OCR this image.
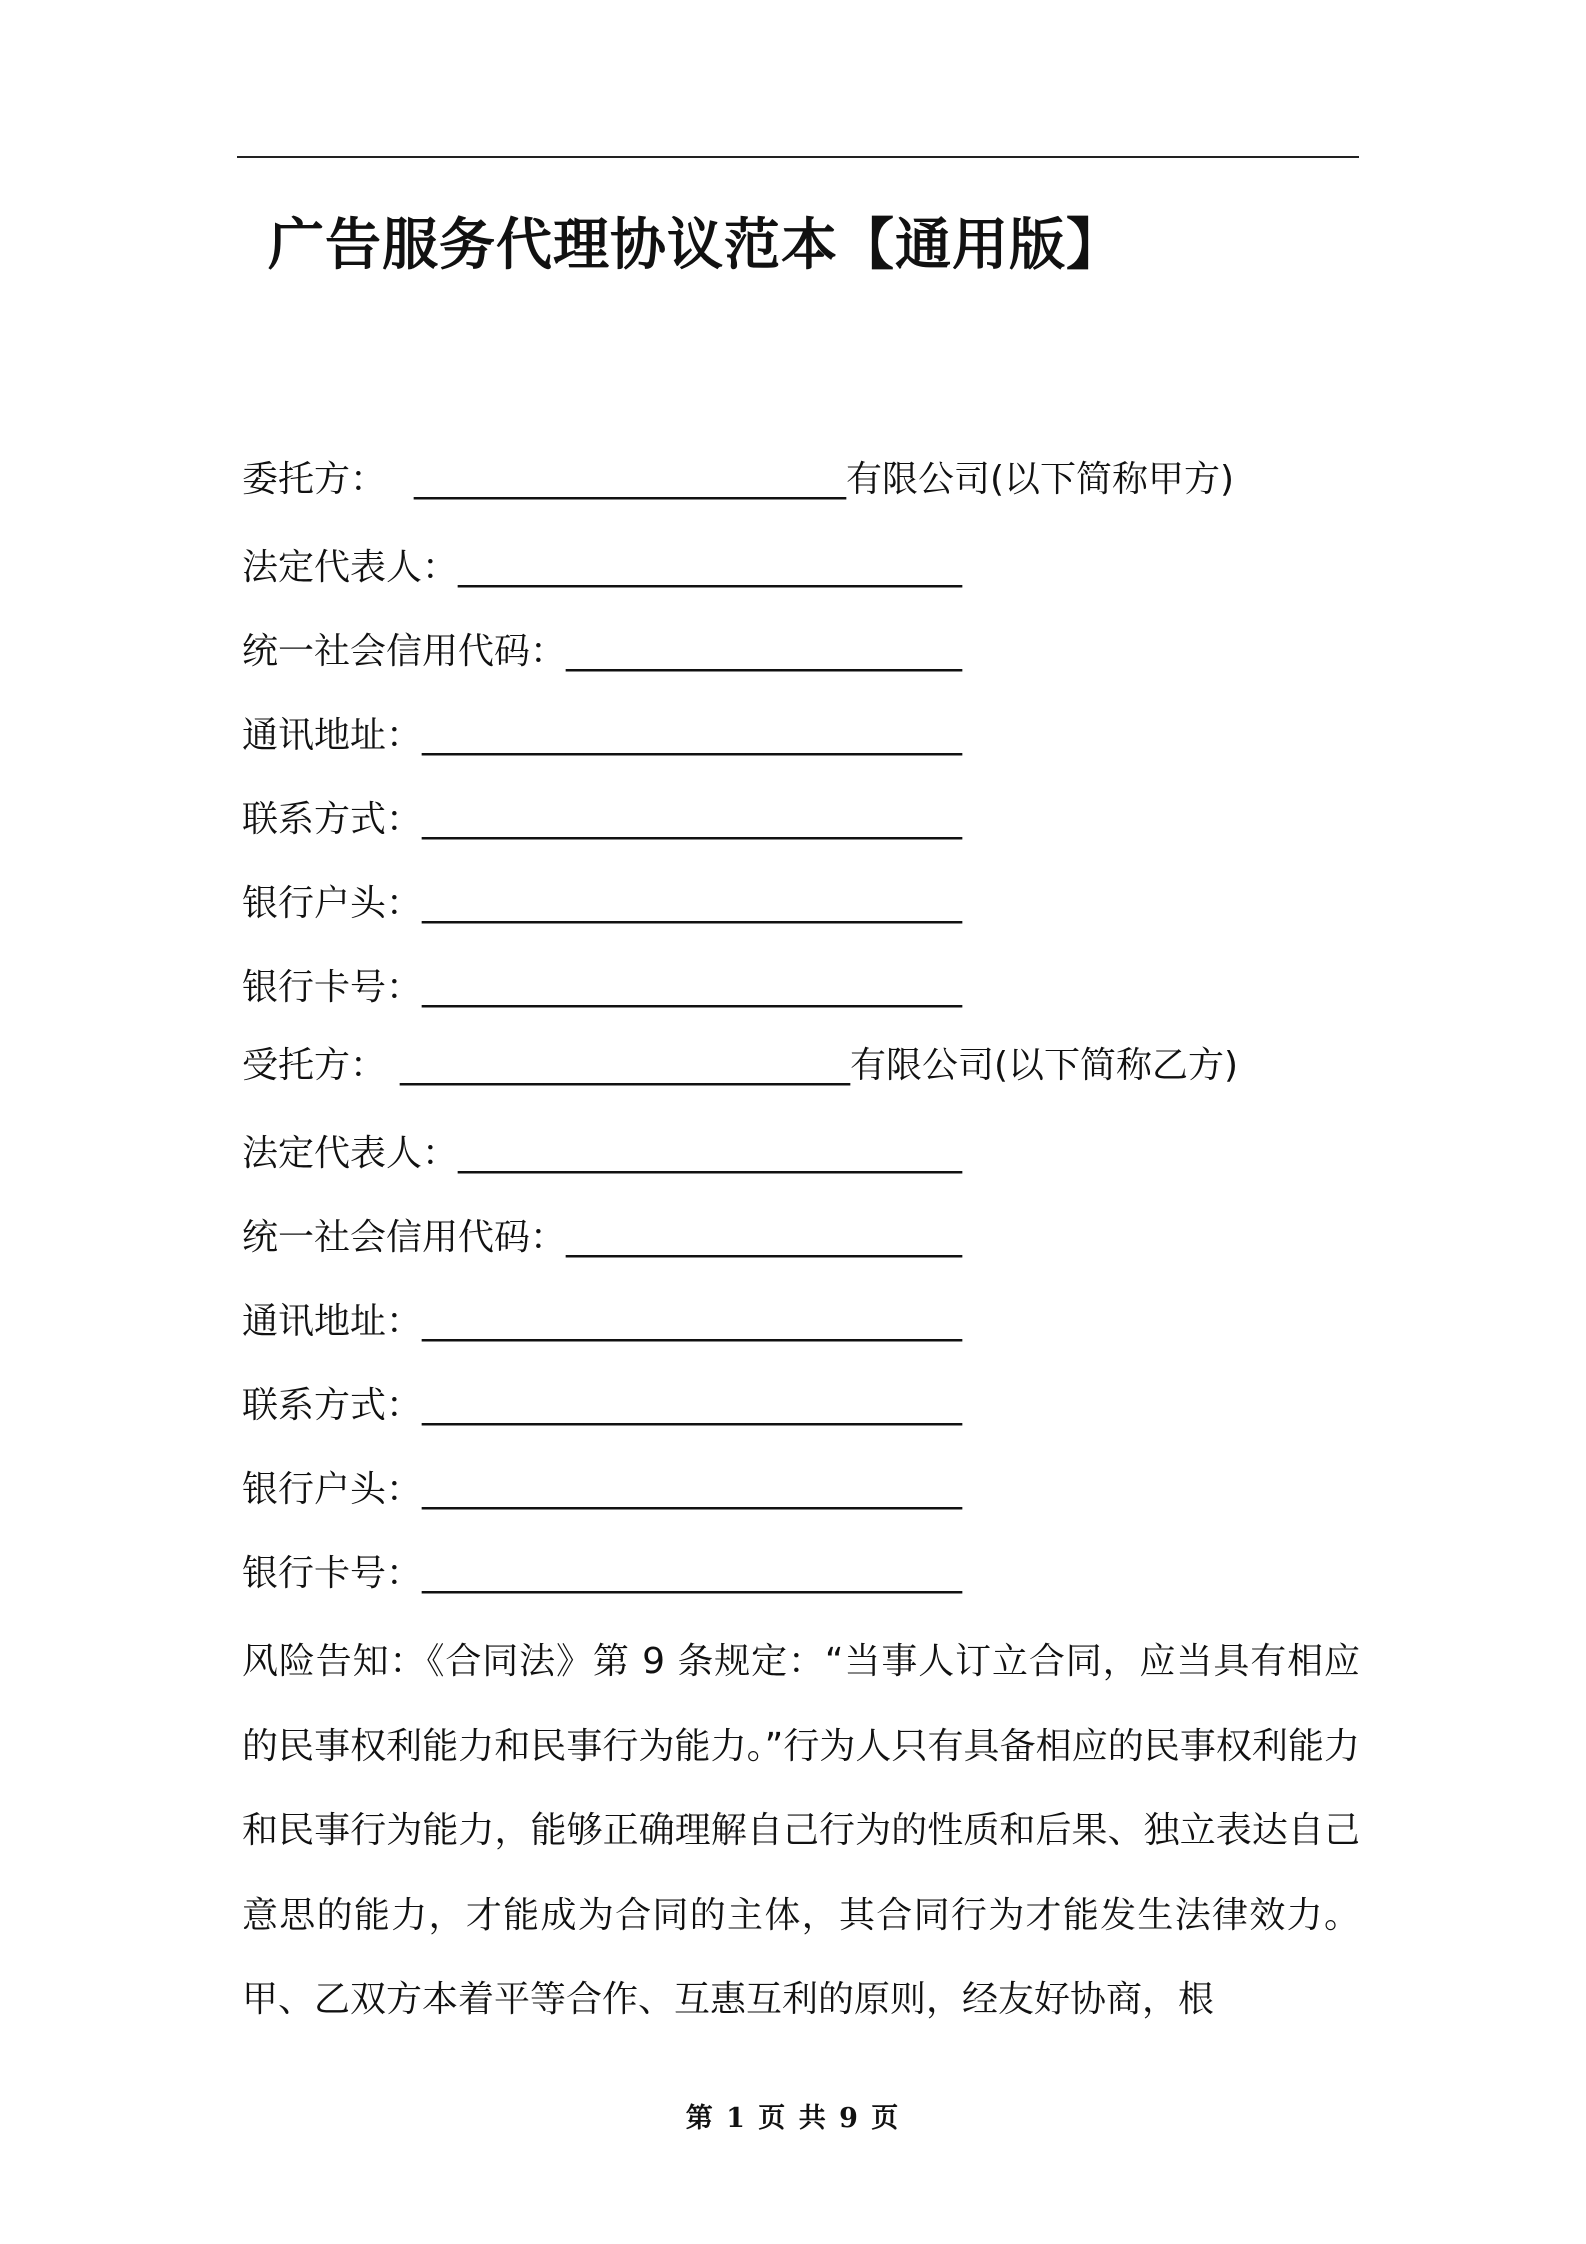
广告服务代理协议范本【通用版】
委托方： ________________________有限公司(以下简称甲方)
法定代表人：____________________________
统一社会信用代码：______________________
通讯地址：______________________________
联系方式：______________________________
银行户头：______________________________
银行卡号：______________________________
受托方： _________________________有限公司(以下简称乙方)
法定代表人：____________________________
统一社会信用代码：______________________
通讯地址：______________________________
联系方式：______________________________
银行户头：______________________________
银行卡号：______________________________

风险告知：《合同法》第 9 条规定：“当事人订立合同，应当具有相应的民事权利能力和民事行为能力。”行为人只有具备相应的民事权利能力和民事行为能力，能够正确理解自己行为的性质和后果、独立表达自己意思的能力，才能成为合同的主体，其合同行为才能发生法律效力。甲、乙双方本着平等合作、互惠互利的原则，经友好协商，根

第 1 页 共 9 页
